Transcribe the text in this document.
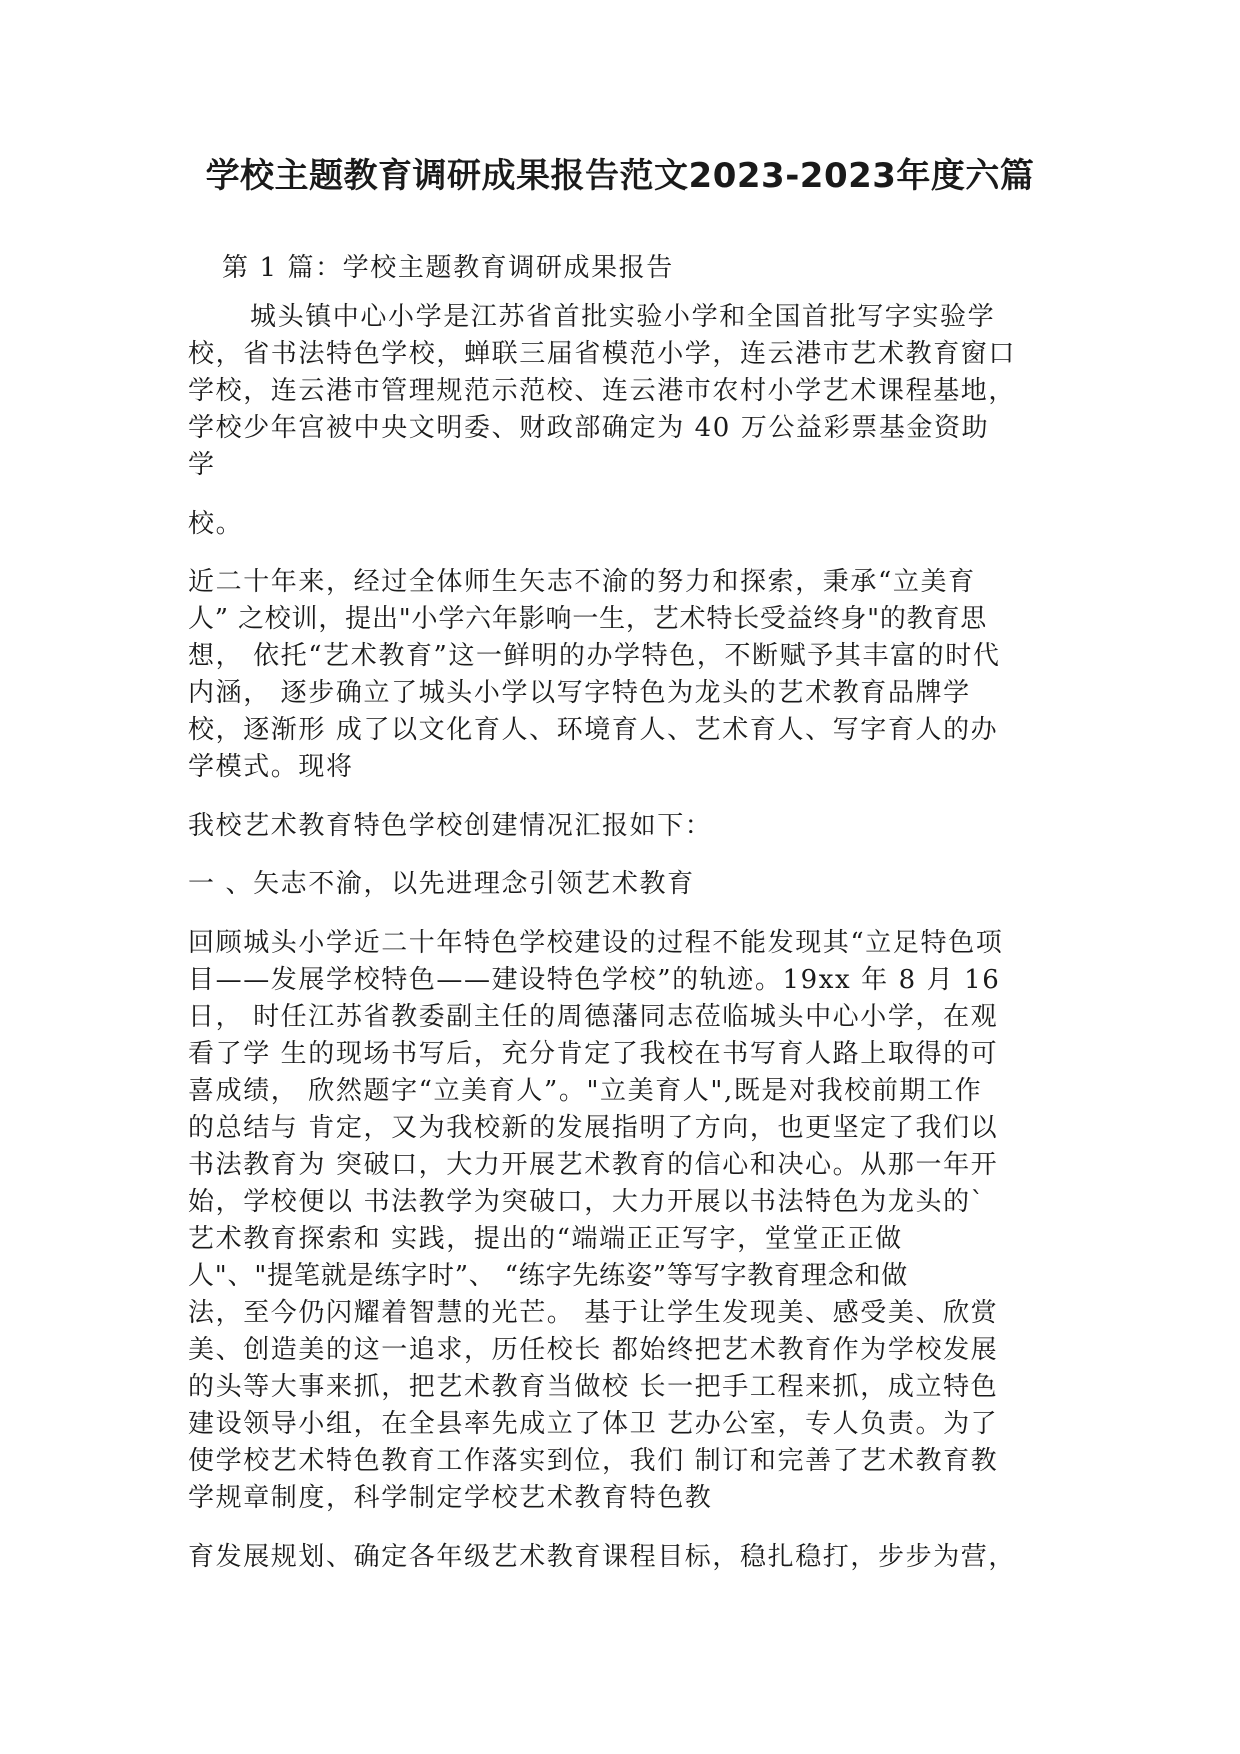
学校主题教育调研成果报告范文2023-2023年度六篇
第 1 篇：学校主题教育调研成果报告
城头镇中心小学是江苏省首批实验小学和全国首批写字实验学
校，省书法特色学校，蝉联三届省模范小学，连云港市艺术教育窗口
学校，连云港市管理规范示范校、连云港市农村小学艺术课程基地，
学校少年宫被中央文明委、财政部确定为 40 万公益彩票基金资助
学
校。
近二十年来，经过全体师生矢志不渝的努力和探索，秉承“立美育
人” 之校训，提出"小学六年影响一生，艺术特长受益终身"的教育思
想， 依托“艺术教育”这一鲜明的办学特色，不断赋予其丰富的时代
内涵， 逐步确立了城头小学以写字特色为龙头的艺术教育品牌学
校，逐渐形 成了以文化育人、环境育人、艺术育人、写字育人的办
学模式。现将
我校艺术教育特色学校创建情况汇报如下：
一 、矢志不渝，以先进理念引领艺术教育
回顾城头小学近二十年特色学校建设的过程不能发现其“立足特色项
目——发展学校特色——建设特色学校”的轨迹。19xx 年 8 月 16
日， 时任江苏省教委副主任的周德藩同志莅临城头中心小学，在观
看了学 生的现场书写后，充分肯定了我校在书写育人路上取得的可
喜成绩， 欣然题字“立美育人”。"立美育人",既是对我校前期工作
的总结与 肯定，又为我校新的发展指明了方向，也更坚定了我们以
书法教育为 突破口，大力开展艺术教育的信心和决心。从那一年开
始，学校便以 书法教学为突破口，大力开展以书法特色为龙头的`
艺术教育探索和 实践，提出的“端端正正写字，堂堂正正做
人"、"提笔就是练字时”、 “练字先练姿”等写字教育理念和做
法，至今仍闪耀着智慧的光芒。 基于让学生发现美、感受美、欣赏
美、创造美的这一追求，历任校长 都始终把艺术教育作为学校发展
的头等大事来抓，把艺术教育当做校 长一把手工程来抓，成立特色
建设领导小组，在全县率先成立了体卫 艺办公室，专人负责。为了
使学校艺术特色教育工作落实到位，我们 制订和完善了艺术教育教
学规章制度，科学制定学校艺术教育特色教
育发展规划、确定各年级艺术教育课程目标，稳扎稳打，步步为营，
